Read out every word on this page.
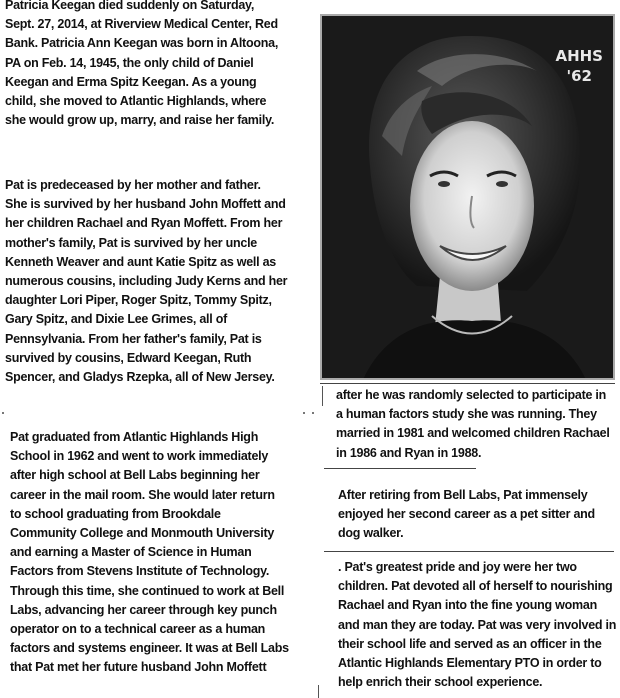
Patricia Keegan died suddenly on Saturday,
Sept. 27, 2014, at Riverview Medical Center, Red
Bank. Patricia Ann Keegan was born in Altoona,
PA on Feb. 14, 1945, the only child of Daniel
Keegan and Erma Spitz Keegan. As a young
child, she moved to Atlantic Highlands, where
she would grow up, marry, and raise her family.
Pat is predeceased by her mother and father.
She is survived by her husband John Moffett and
her children Rachael and Ryan Moffett. From her
mother's family, Pat is survived by her uncle
Kenneth Weaver and aunt Katie Spitz as well as
numerous cousins, including Judy Kerns and her
daughter Lori Piper, Roger Spitz, Tommy Spitz,
Gary Spitz, and Dixie Lee Grimes, all of
Pennsylvania. From her father's family, Pat is
survived by cousins, Edward Keegan, Ruth
Spencer, and Gladys Rzepka, all of New Jersey.
Pat graduated from Atlantic Highlands High
School in 1962 and went to work immediately
after high school at Bell Labs beginning her
career in the mail room. She would later return
to school graduating from Brookdale
Community College and Monmouth University
and earning a Master of Science in Human
Factors from Stevens Institute of Technology.
Through this time, she continued to work at Bell
Labs, advancing her career through key punch
operator on to a technical career as a human
factors and systems engineer. It was at Bell Labs
that Pat met her future husband John Moffett
AHHS
'62
after he was randomly selected to participate in
a human factors study she was running. They
married in 1981 and welcomed children Rachael
in 1986 and Ryan in 1988.
After retiring from Bell Labs, Pat immensely
enjoyed her second career as a pet sitter and
dog walker.
. Pat's greatest pride and joy were her two
children. Pat devoted all of herself to nourishing
Rachael and Ryan into the fine young woman
and man they are today. Pat was very involved in
their school life and served as an officer in the
Atlantic Highlands Elementary PTO in order to
help enrich their school experience.
